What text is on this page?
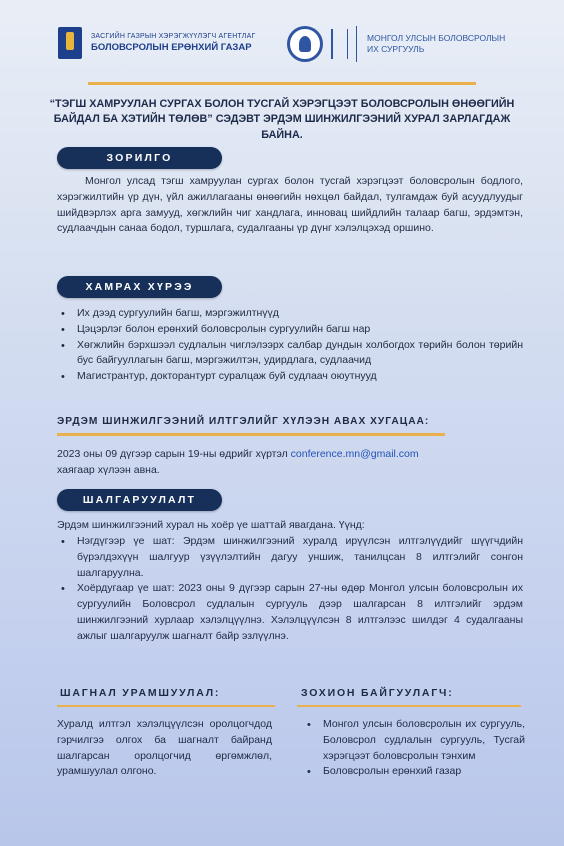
ЗАСГИЙН ГАЗРЫН ХЭРЭГЖҮҮЛЭГЧ АГЕНТЛАГ
БОЛОВСРОЛЫН ЕРӨНХИЙ ГАЗАР
МОНГОЛ УЛСЫН БОЛОВСРОЛЫН
ИХ СУРГУУЛЬ
“ТЭГШ ХАМРУУЛАН СУРГАХ БОЛОН ТУСГАЙ ХЭРЭГЦЭЭТ БОЛОВСРОЛЫН ӨНӨӨГИЙН БАЙДАЛ БА ХЭТИЙН ТӨЛӨВ” СЭДЭВТ ЭРДЭМ ШИНЖИЛГЭЭНИЙ ХУРАЛ ЗАРЛАГДАЖ БАЙНА.
ЗОРИЛГО
Монгол улсад тэгш хамруулан сургах болон тусгай хэрэгцээт боловсролын бодлого, хэрэгжилтийн үр дүн, үйл ажиллагааны өнөөгийн нөхцөл байдал, тулгамдаж буй асуудлуудыг шийдвэрлэх арга замууд, хөгжлийн чиг хандлага, инновац шийдлийн талаар багш, эрдэмтэн, судлаачдын санаа бодол, туршлага, судалгааны үр дүнг хэлэлцэхэд оршино.
ХАМРАХ ХҮРЭЭ
• Их дээд сургуулийн багш, мэргэжилтнүүд
• Цэцэрлэг болон ерөнхий боловсролын сургуулийн багш нар
• Хөгжлийн бэрхшээл судлалын чиглэлээрх салбар дундын холбогдох төрийн болон төрийн бус байгууллагын багш, мэргэжилтэн, удирдлага, судлаачид
• Магистрантур, докторантурт суралцаж буй судлаач оюутнууд
ЭРДЭМ ШИНЖИЛГЭЭНИЙ ИЛТГЭЛИЙГ ХҮЛЭЭН АВАХ ХУГАЦАА:
2023 оны 09 дүгээр сарын 19-ны өдрийг хүртэл conference.mn@gmail.com
хаягаар хүлээн авна.
ШАЛГАРУУЛАЛТ
Эрдэм шинжилгээний хурал нь хоёр үе шаттай явагдана. Үүнд:
• Нэгдүгээр үе шат: Эрдэм шинжилгээний хуралд ирүүлсэн илтгэлүүдийг шүүгчдийн бүрэлдэхүүн шалгуур үзүүлэлтийн дагуу уншиж, танилцсан 8 илтгэлийг сонгон шалгаруулна.
• Хоёрдугаар үе шат: 2023 оны 9 дүгээр сарын 27-ны өдөр Монгол улсын боловсролын их сургуулийн Боловсрол судлалын сургууль дээр шалгарсан 8 илтгэлийг эрдэм шинжилгээний хурлаар хэлэлцүүлнэ. Хэлэлцүүлсэн 8 илтгэлээс шилдэг 4 судалгааны ажлыг шалгаруулж шагналт байр эзлүүлнэ.
ШАГНАЛ УРАМШУУЛАЛ:
Хуралд илтгэл хэлэлцүүлсэн оролцогчдод гэрчилгээ олгох ба шагналт байранд шалгарсан оролцогчид өргөмжлөл, урамшуулал олгоно.
ЗОХИОН БАЙГУУЛАГЧ:
• Монгол улсын боловсролын их сургууль, Боловсрол судлалын сургууль, Тусгай хэрэгцээт боловсролын тэнхим
• Боловсролын ерөнхий газар
